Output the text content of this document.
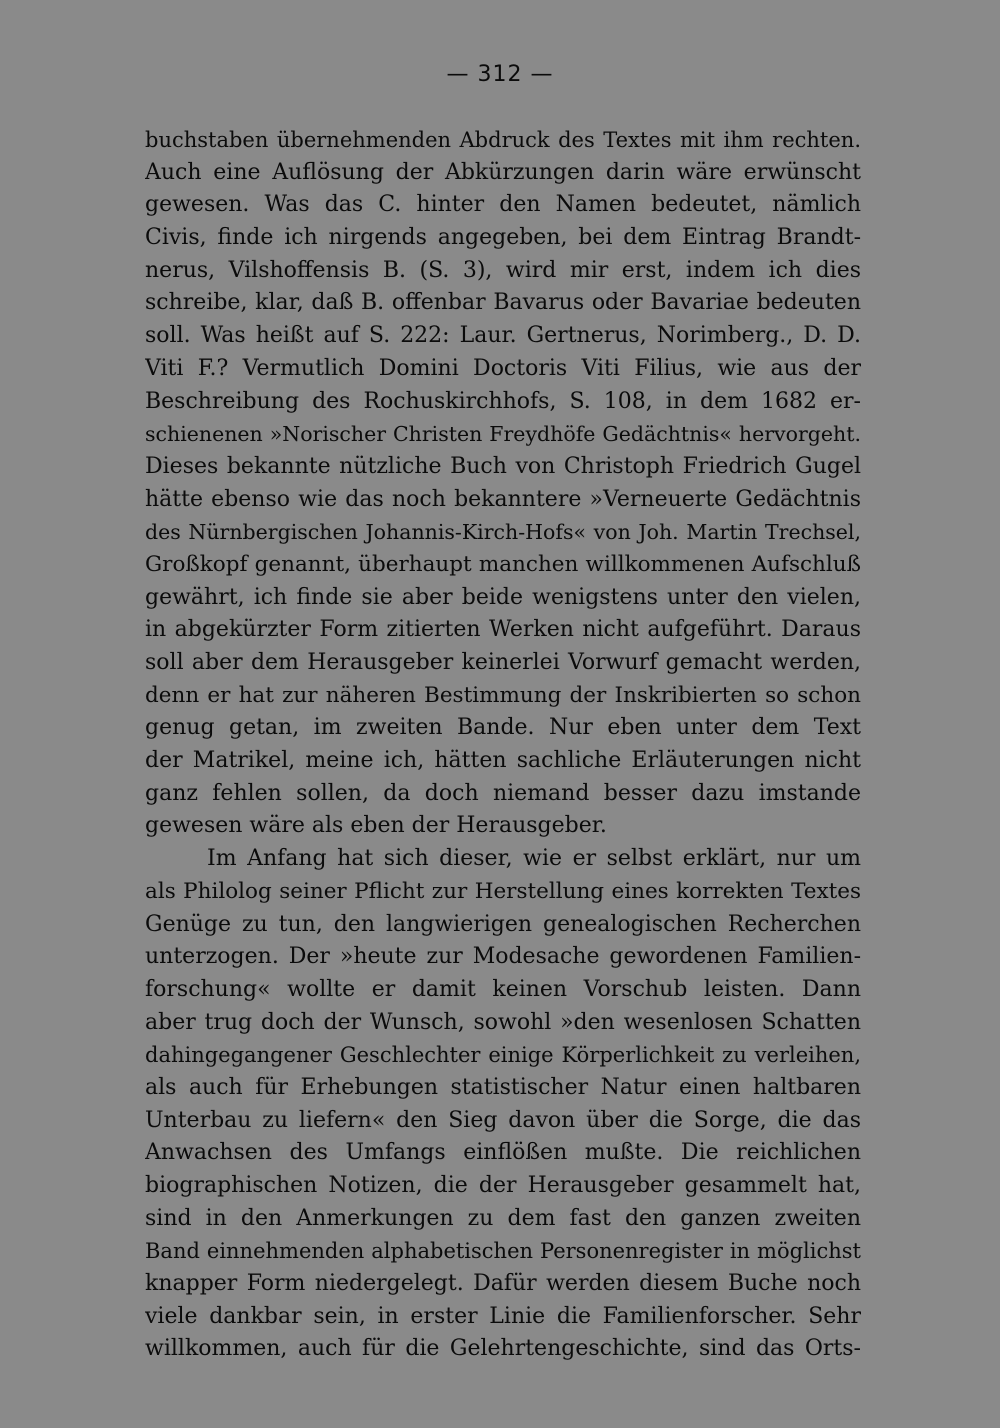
— 312 —
buchstaben übernehmenden Abdruck des Textes mit ihm rechten.
Auch eine Auflösung der Abkürzungen darin wäre erwünscht
gewesen. Was das C. hinter den Namen bedeutet, nämlich
Civis, finde ich nirgends angegeben, bei dem Eintrag Brandt-
nerus, Vilshoffensis B. (S. 3), wird mir erst, indem ich dies
schreibe, klar, daß B. offenbar Bavarus oder Bavariae bedeuten
soll. Was heißt auf S. 222: Laur. Gertnerus, Norimberg., D. D.
Viti F.? Vermutlich Domini Doctoris Viti Filius, wie aus der
Beschreibung des Rochuskirchhofs, S. 108, in dem 1682 er-
schienenen »Norischer Christen Freydhöfe Gedächtnis« hervorgeht.
Dieses bekannte nützliche Buch von Christoph Friedrich Gugel
hätte ebenso wie das noch bekanntere »Verneuerte Gedächtnis
des Nürnbergischen Johannis-Kirch-Hofs« von Joh. Martin Trechsel,
Großkopf genannt, überhaupt manchen willkommenen Aufschluß
gewährt, ich finde sie aber beide wenigstens unter den vielen,
in abgekürzter Form zitierten Werken nicht aufgeführt. Daraus
soll aber dem Herausgeber keinerlei Vorwurf gemacht werden,
denn er hat zur näheren Bestimmung der Inskribierten so schon
genug getan, im zweiten Bande. Nur eben unter dem Text
der Matrikel, meine ich, hätten sachliche Erläuterungen nicht
ganz fehlen sollen, da doch niemand besser dazu imstande
gewesen wäre als eben der Herausgeber.
Im Anfang hat sich dieser, wie er selbst erklärt, nur um
als Philolog seiner Pflicht zur Herstellung eines korrekten Textes
Genüge zu tun, den langwierigen genealogischen Recherchen
unterzogen. Der »heute zur Modesache gewordenen Familien-
forschung« wollte er damit keinen Vorschub leisten. Dann
aber trug doch der Wunsch, sowohl »den wesenlosen Schatten
dahingegangener Geschlechter einige Körperlichkeit zu verleihen,
als auch für Erhebungen statistischer Natur einen haltbaren
Unterbau zu liefern« den Sieg davon über die Sorge, die das
Anwachsen des Umfangs einflößen mußte. Die reichlichen
biographischen Notizen, die der Herausgeber gesammelt hat,
sind in den Anmerkungen zu dem fast den ganzen zweiten
Band einnehmenden alphabetischen Personenregister in möglichst
knapper Form niedergelegt. Dafür werden diesem Buche noch
viele dankbar sein, in erster Linie die Familienforscher. Sehr
willkommen, auch für die Gelehrtengeschichte, sind das Orts-
